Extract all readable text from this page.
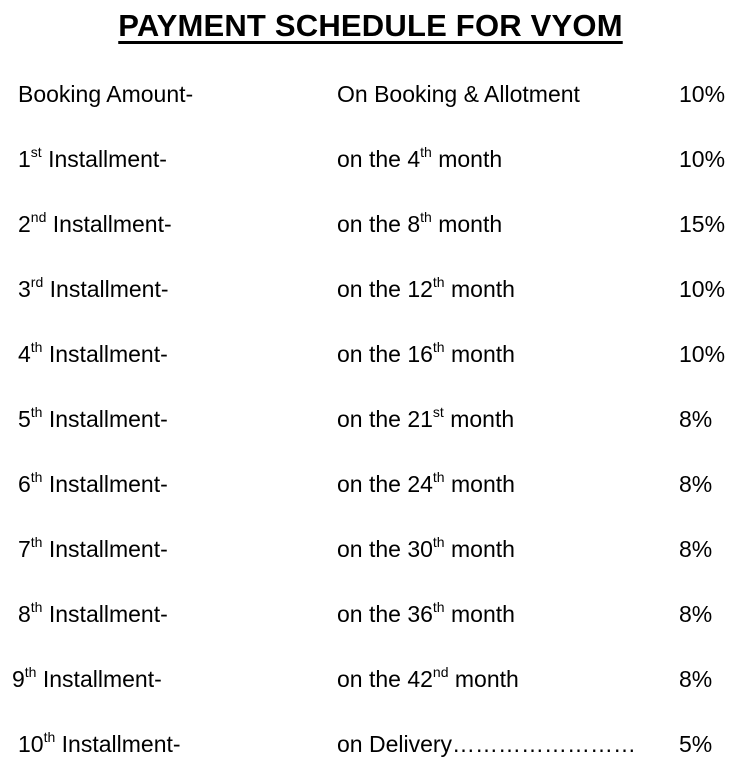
PAYMENT SCHEDULE FOR VYOM
Booking Amount-	On Booking & Allotment	10%
1st Installment-	on the 4th month	10%
2nd Installment-	on the 8th month	15%
3rd Installment-	on the 12th month	10%
4th Installment-	on the 16th month	10%
5th Installment-	on the 21st month	8%
6th Installment-	on the 24th month	8%
7th Installment-	on the 30th month	8%
8th Installment-	on the 36th month	8%
9th Installment-	on the 42nd month	8%
10th Installment-	on Delivery…………………… 5%
